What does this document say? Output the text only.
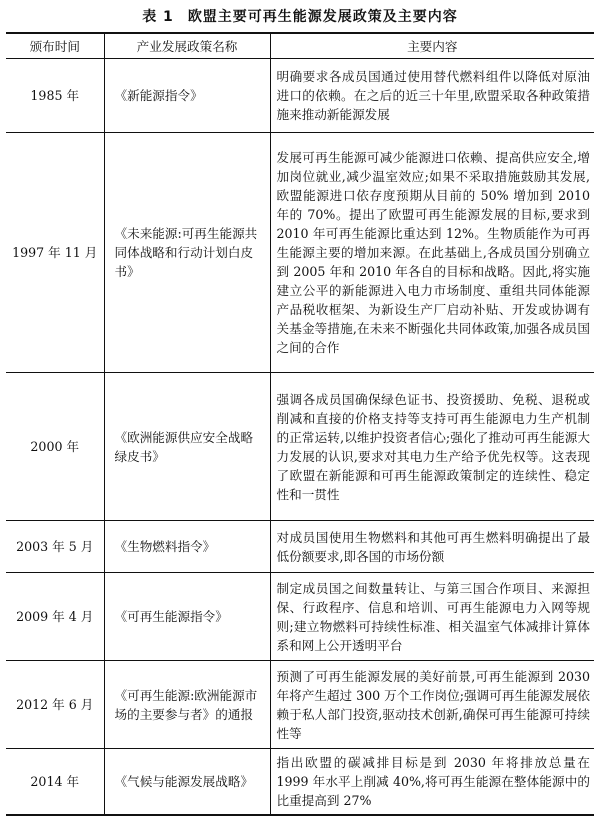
表 1 欧盟主要可再生能源发展政策及主要内容
颁布时间	产业发展政策名称	主要内容
1985 年	《新能源指令》	明确要求各成员国通过使用替代燃料组件以降低对原油进口的依赖。在之后的近三十年里,欧盟采取各种政策措施来推动新能源发展
1997 年 11 月	《未来能源:可再生能源共同体战略和行动计划白皮书》	发展可再生能源可减少能源进口依赖、提高供应安全,增加岗位就业,减少温室效应;如果不采取措施鼓励其发展,欧盟能源进口依存度预期从目前的 50% 增加到 2010 年的 70%。提出了欧盟可再生能源发展的目标,要求到 2010 年可再生能源比重达到 12%。生物质能作为可再生能源主要的增加来源。在此基础上,各成员国分别确立到 2005 年和 2010 年各自的目标和战略。因此,将实施建立公平的新能源进入电力市场制度、重组共同体能源产品税收框架、为新设生产厂启动补贴、开发或协调有关基金等措施,在未来不断强化共同体政策,加强各成员国之间的合作
2000 年	《欧洲能源供应安全战略绿皮书》	强调各成员国确保绿色证书、投资援助、免税、退税或削减和直接的价格支持等支持可再生能源电力生产机制的正常运转,以维护投资者信心;强化了推动可再生能源大力发展的认识,要求对其电力生产给予优先权等。这表现了欧盟在新能源和可再生能源政策制定的连续性、稳定性和一贯性
2003 年 5 月	《生物燃料指令》	对成员国使用生物燃料和其他可再生燃料明确提出了最低份额要求,即各国的市场份额
2009 年 4 月	《可再生能源指令》	制定成员国之间数量转让、与第三国合作项目、来源担保、行政程序、信息和培训、可再生能源电力入网等规则;建立物燃料可持续性标准、相关温室气体减排计算体系和网上公开透明平台
2012 年 6 月	《可再生能源:欧洲能源市场的主要参与者》的通报	预测了可再生能源发展的美好前景,可再生能源到 2030 年将产生超过 300 万个工作岗位;强调可再生能源发展依赖于私人部门投资,驱动技术创新,确保可再生能源可持续性等
2014 年	《气候与能源发展战略》	指出欧盟的碳减排目标是到 2030 年将排放总量在 1999 年水平上削减 40%,将可再生能源在整体能源中的比重提高到 27%
